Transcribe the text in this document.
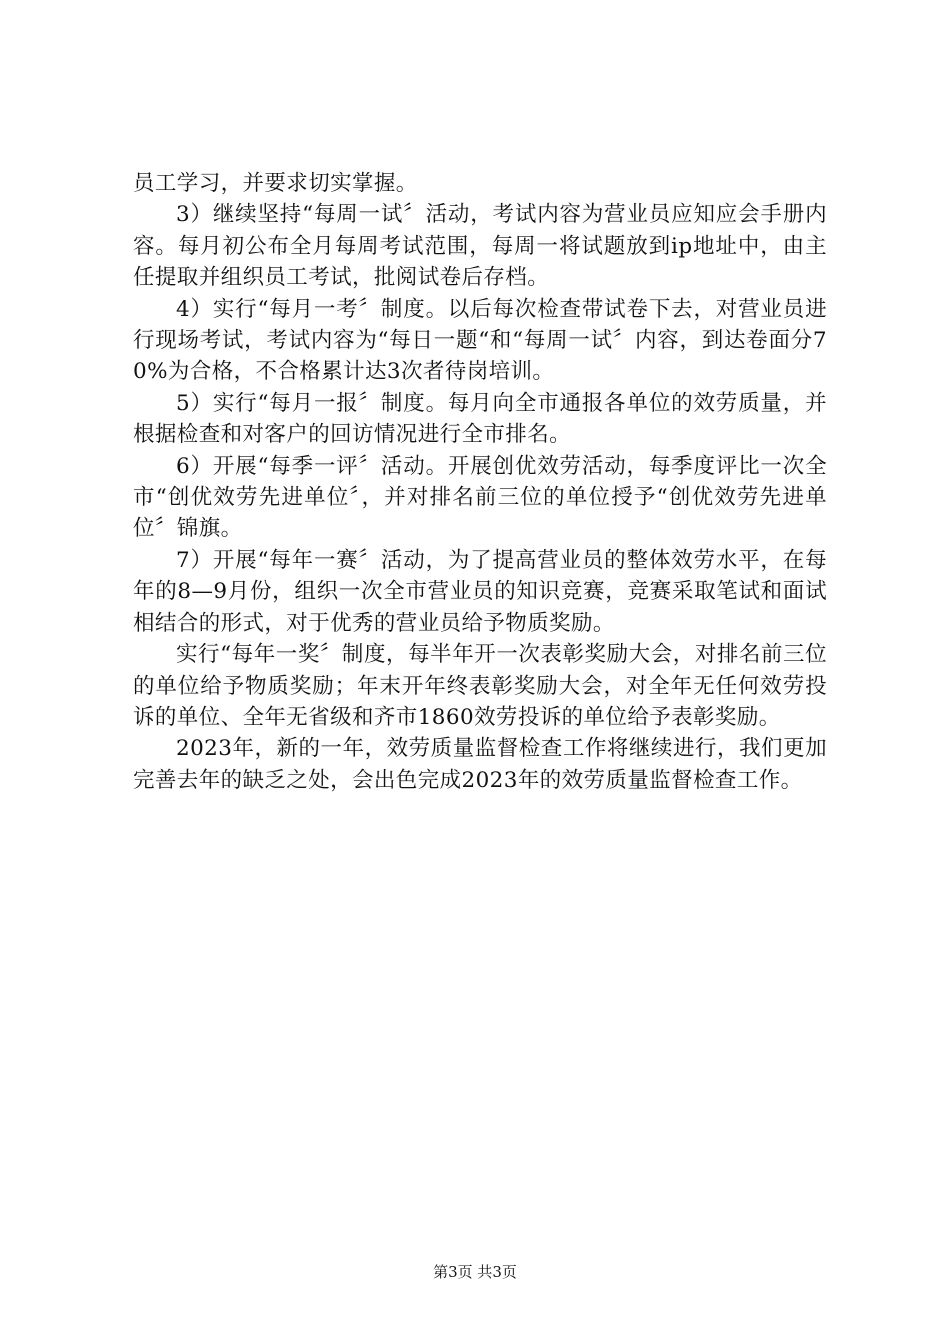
员工学习，并要求切实掌握。

3）继续坚持“每周一试〞活动，考试内容为营业员应知应会手册内容。每月初公布全月每周考试范围，每周一将试题放到ip地址中，由主任提取并组织员工考试，批阅试卷后存档。

4）实行“每月一考〞制度。以后每次检查带试卷下去，对营业员进行现场考试，考试内容为“每日一题“和“每周一试〞内容，到达卷面分70%为合格，不合格累计达3次者待岗培训。

5）实行“每月一报〞制度。每月向全市通报各单位的效劳质量，并根据检查和对客户的回访情况进行全市排名。

6）开展“每季一评〞活动。开展创优效劳活动，每季度评比一次全市“创优效劳先进单位〞，并对排名前三位的单位授予“创优效劳先进单位〞锦旗。

7）开展“每年一赛〞活动，为了提高营业员的整体效劳水平，在每年的8—9月份，组织一次全市营业员的知识竞赛，竞赛采取笔试和面试相结合的形式，对于优秀的营业员给予物质奖励。

实行“每年一奖〞制度，每半年开一次表彰奖励大会，对排名前三位的单位给予物质奖励；年末开年终表彰奖励大会，对全年无任何效劳投诉的单位、全年无省级和齐市1860效劳投诉的单位给予表彰奖励。

2023年，新的一年，效劳质量监督检查工作将继续进行，我们更加完善去年的缺乏之处，会出色完成2023年的效劳质量监督检查工作。

第3页 共3页
